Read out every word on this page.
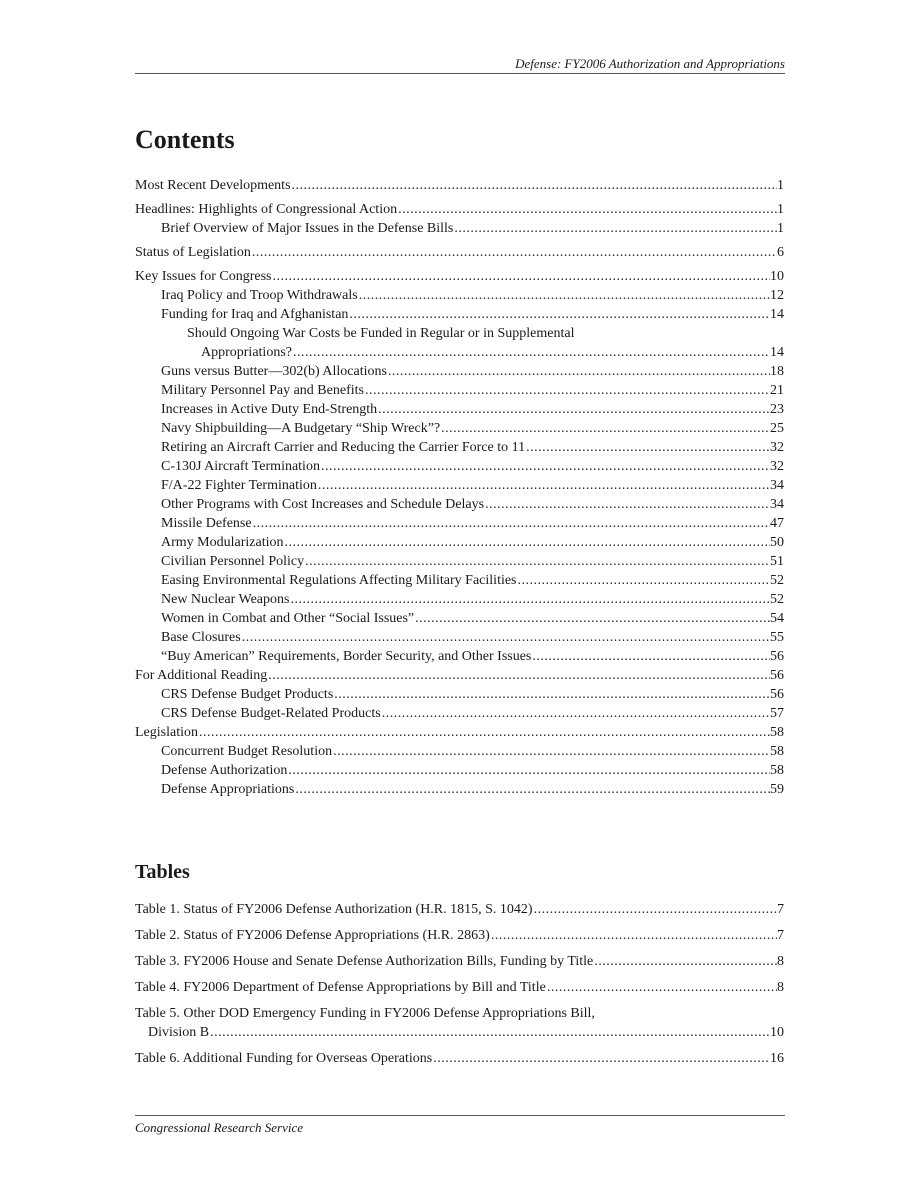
Defense: FY2006 Authorization and Appropriations
Contents
Most Recent Developments .....	1
Headlines: Highlights of Congressional Action .....	1
Brief Overview of Major Issues in the Defense Bills .....	1
Status of Legislation .....	6
Key Issues for Congress .....	10
Iraq Policy and Troop Withdrawals .....	12
Funding for Iraq and Afghanistan .....	14
Should Ongoing War Costs be Funded in Regular or in Supplemental
Appropriations? .....	14
Guns versus Butter—302(b) Allocations .....	18
Military Personnel Pay and Benefits .....	21
Increases in Active Duty End-Strength .....	23
Navy Shipbuilding—A Budgetary “Ship Wreck”? .....	25
Retiring an Aircraft Carrier and Reducing the Carrier Force to 11 .....	32
C-130J Aircraft Termination .....	32
F/A-22 Fighter Termination .....	34
Other Programs with Cost Increases and Schedule Delays .....	34
Missile Defense .....	47
Army Modularization .....	50
Civilian Personnel Policy .....	51
Easing Environmental Regulations Affecting Military Facilities .....	52
New Nuclear Weapons .....	52
Women in Combat and Other “Social Issues” .....	54
Base Closures .....	55
“Buy American” Requirements, Border Security, and Other Issues .....	56
For Additional Reading .....	56
CRS Defense Budget Products .....	56
CRS Defense Budget-Related Products .....	57
Legislation .....	58
Concurrent Budget Resolution .....	58
Defense Authorization .....	58
Defense Appropriations .....	59
Tables
Table 1. Status of FY2006 Defense Authorization (H.R. 1815, S. 1042) .....	7
Table 2. Status of FY2006 Defense Appropriations (H.R. 2863) .....	7
Table 3. FY2006 House and Senate Defense Authorization Bills, Funding by Title .....	8
Table 4. FY2006 Department of Defense Appropriations by Bill and Title .....	8
Table 5. Other DOD Emergency Funding in FY2006 Defense Appropriations Bill,
Division B .....	10
Table 6. Additional Funding for Overseas Operations .....	16
Congressional Research Service
